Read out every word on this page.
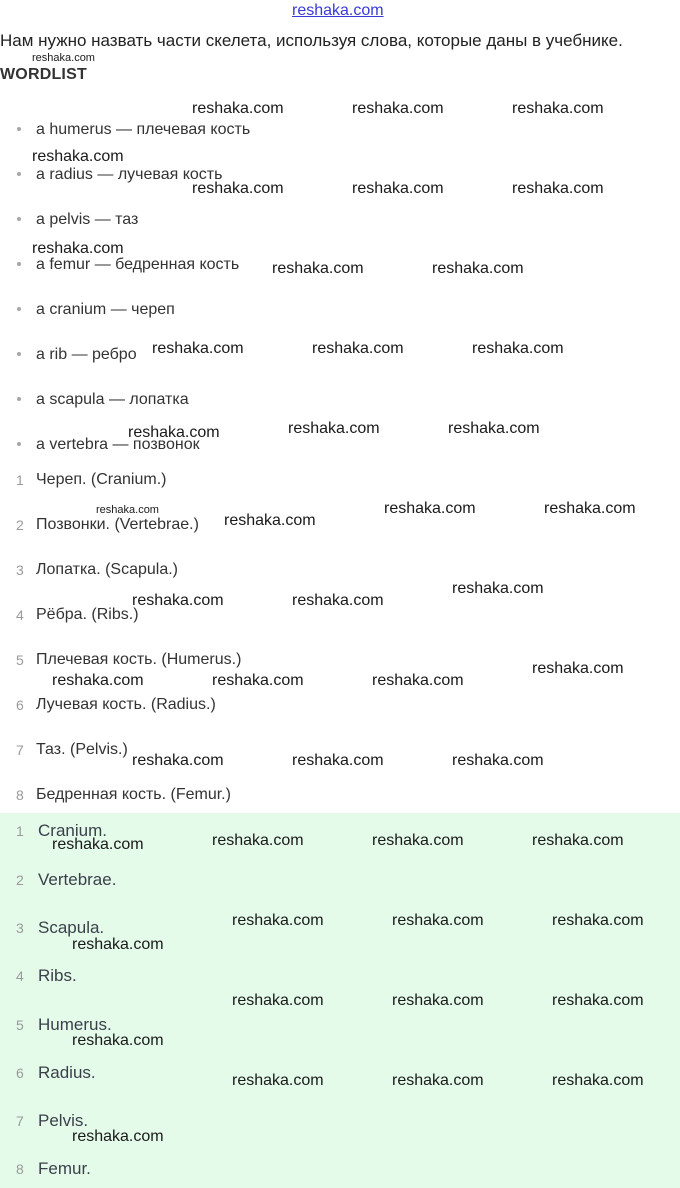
reshaka.com
Нам нужно назвать части скелета, используя слова, которые даны в учебнике.
WORDLIST
a humerus — плечевая кость
a radius — лучевая кость
a pelvis — таз
a femur — бедренная кость
a cranium — череп
a rib — ребро
a scapula — лопатка
a vertebra — позвонок
1 Череп. (Cranium.)
2 Позвонки. (Vertebrae.)
3 Лопатка. (Scapula.)
4 Рёбра. (Ribs.)
5 Плечевая кость. (Humerus.)
6 Лучевая кость. (Radius.)
7 Таз. (Pelvis.)
8 Бедренная кость. (Femur.)
1 Cranium.
2 Vertebrae.
3 Scapula.
4 Ribs.
5 Humerus.
6 Radius.
7 Pelvis.
8 Femur.
reshaka.com
reshaka.com
reshaka.com	reshaka.com	reshaka.com
reshaka.com
reshaka.com	reshaka.com	reshaka.com
reshaka.com
reshaka.com	reshaka.com
reshaka.com	reshaka.com	reshaka.com
reshaka.com	reshaka.com	reshaka.com
reshaka.com	reshaka.com
reshaka.com
reshaka.com
reshaka.com	reshaka.com
reshaka.com
reshaka.com	reshaka.com	reshaka.com
reshaka.com	reshaka.com	reshaka.com
reshaka.com	reshaka.com	reshaka.com	reshaka.com
reshaka.com	reshaka.com	reshaka.com
reshaka.com
reshaka.com	reshaka.com	reshaka.com
reshaka.com
reshaka.com	reshaka.com	reshaka.com
reshaka.com
